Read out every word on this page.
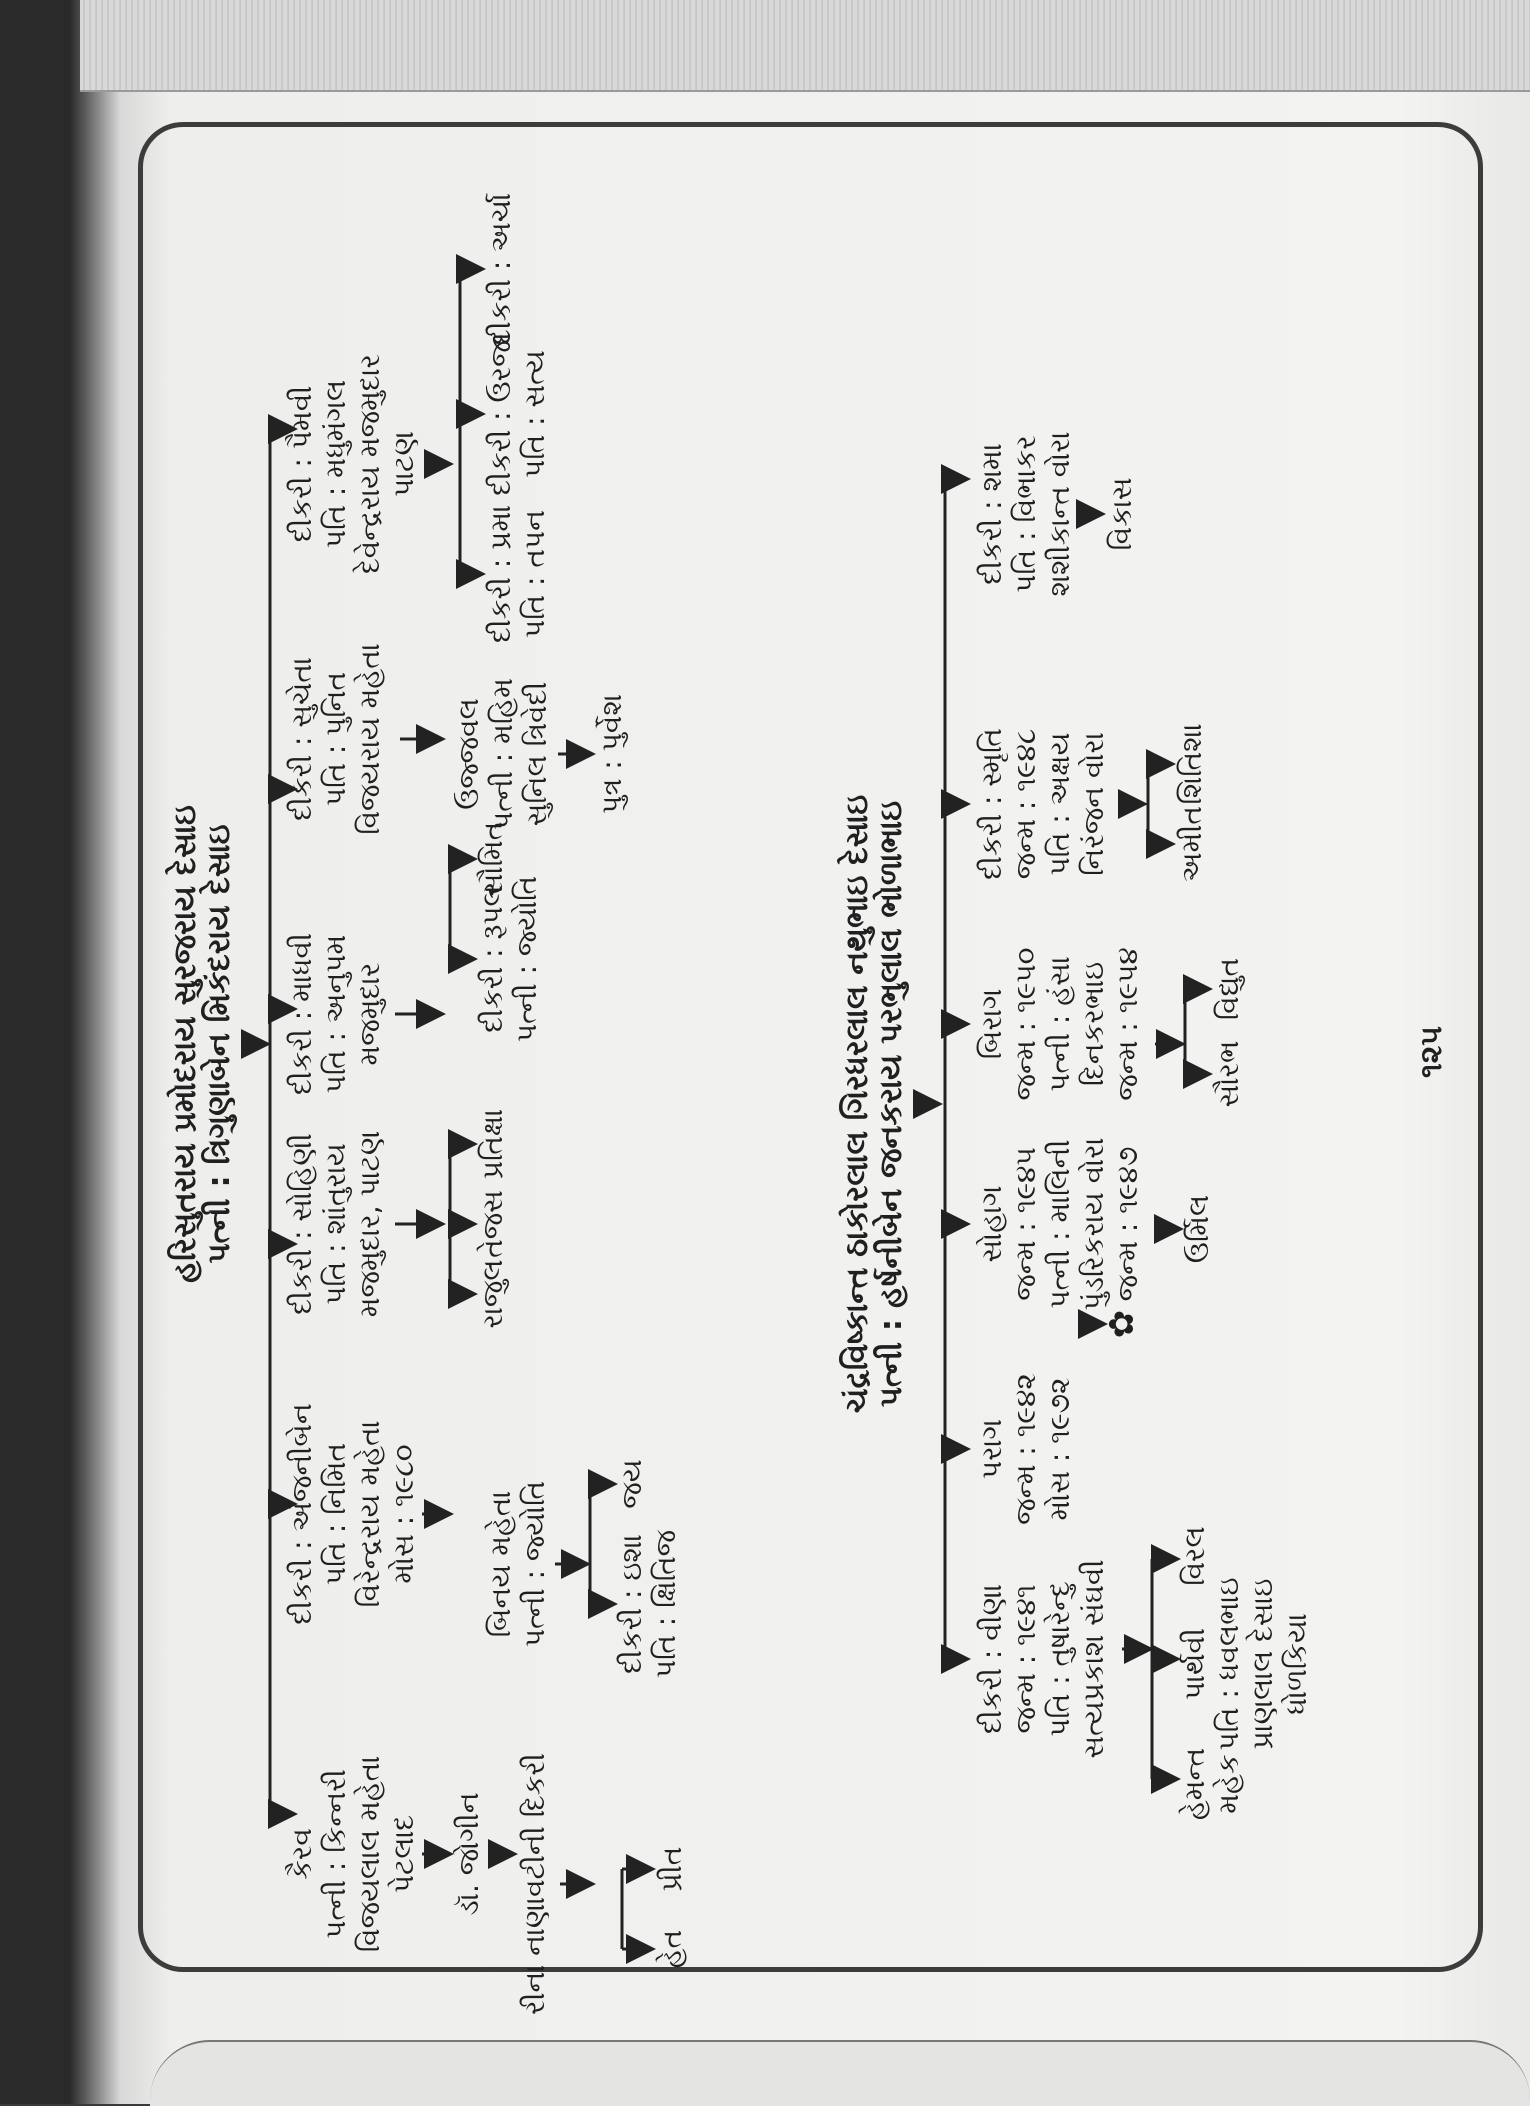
હરિસુતરાય પ્રમોદરાય સુરજરાય દેસાઇ
પત્ની : ત્રિગુણાબેન મિકંદરાય દેસાઇ
કૈરવ પત્ની : કિન્નરી વિજયલાલ મહેતા પેટલાદ ડૉ. જોગીન રીના નાણાવટીની દિકરી	હેત
પ્રીત
દીકરી : અંજનીબેન પતિ : નિમિત વિરેન્દ્રરાય મહેતા મોસ : ૧૯૮૦ બિનય મહેતા પત્ની : જ્યોતિ દીકરી : ઇશા પતિ : ક્ષિતિજ
જય
દીકરી : સોહિણી પતિ : શાંતુરાય મજમુદાર, પાટણ	રાજુલ
તેજસ
પ્રતિક્ષા
દીકરી : માધવી પતિ : અનુપમ મજમુદાર	દીકરી : રૂપલ પત્ની : જ્યોતિ
સૌમિત
દીકરી : સુચેતા પતિ : પુનિત વિજયરાય મહેતા ઉજ્જવલ પત્ની : મહિમ સુનિલ ત્રિવેદી પુત્ર : પુર્વેશ
દીકરી : પૈમવી પતિ : મધુમંગલ દેવેન્દ્રરાય મજમુદાર પાટણ
દીકરી : પ્રમા પતિ : તપન
દીકરી : ઉરજા પતિ : સત્ય
દીકરી : અર્ચા
ચંદ્રવિષ્કાન્ત ઠાકોરલાલ ગિરધરલાલ નથુભાઇ દેસાઇ
પત્ની : હર્ષનીબેન જનકરાય પરભુલાલ ભોળાભાઇ
દીકરી : વીણા જન્મ : ૧૯૪૧ પતિ : તુષારેન્દુ સત્યપ્રકાશ સંઘવી
હેમન્ત મહેક
પાર્થવી પતિ : ધવલભાઇ પ્રાણલાલ દેસાઇ ધોળકિયા
વિરલ
પરાગ જન્મ : ૧૯૪૨ મોસ : ૧૯૭૨
✿
સોહાગ જન્મ : ૧૯૪૫ પત્ની : માલિની પુંડરિકરાય વોરા જન્મ : ૧૯૪૭ ઉર્મિલ
બિરાગ જન્મ : ૧૯૫૦ પત્ની : હંસા દિનકરભાઇ જન્મ : ૧૯૫૪ સૌરભ
વિદ્યુત
દીકરી : સ્મૃતિ જન્મ : ૧૯૪૮ પતિ : અક્ષય નિરંજન વોરા અમીત
શિતિશા
દીકરી : શમા પતિ : વિભાકર શશીકાન્ત વોરા વિકાસ
૧૨૫
